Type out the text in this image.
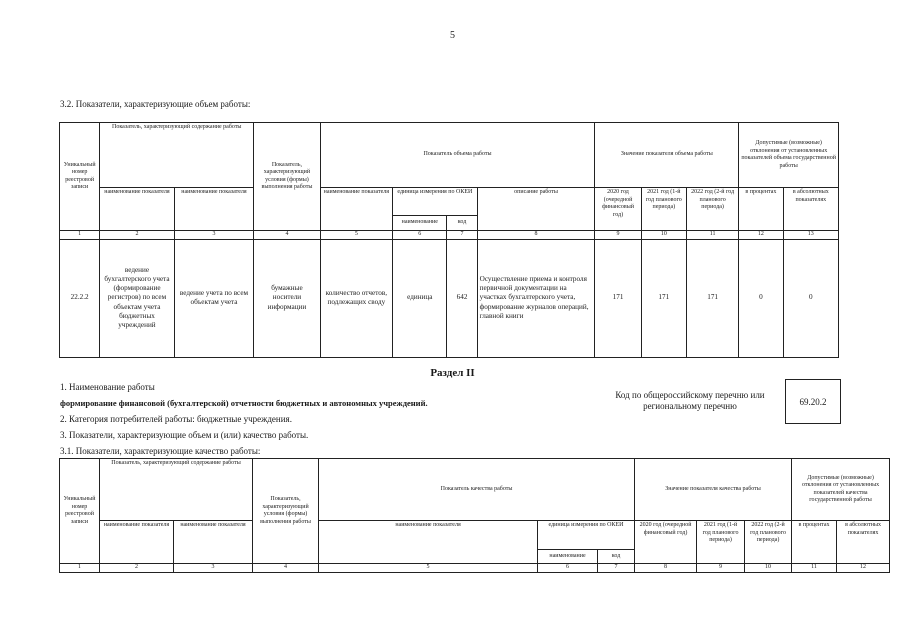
5
3.2. Показатели, характеризующие объем работы:
Уникальный номер реестровой записи	Показатель, характеризующий содержание работы		Показатель, характеризующий условия (формы) выполнения работы	Показатель объема работы				Значение показателя объема работы			Допустимые (возможные) отклонения от установленных показателей объема государственной работы	
	наименование показателя	наименование показателя		наименование показателя	единица измерения по ОКЕИ		описание работы	2020 год (очередной финансовый год)	2021 год (1-й год планового периода)	2022 год (2-й год планового периода)	в процентах	в абсолютных показателях
					наименование	код						
1	2	3	4	5	6	7	8	9	10	11	12	13
22.2.2	ведение бухгалтерского учета (формирование регистров) по всем объектам учета бюджетных учреждений	ведение учета по всем объектам учета	бумажные носители информации	количество отчетов, подлежащих своду	единица	642	Осуществление приема и контроля первичной документации на участках бухгалтерского учета, формирование журналов операций, главной книги	171	171	171	0	0
Раздел II
1. Наименование работы
формирование финансовой (бухгалтерской) отчетности бюджетных и автономных учреждений.
Код по общероссийскому перечню или региональному перечню	69.20.2
2. Категория потребителей работы: бюджетные учреждения.
3. Показатели, характеризующие объем и (или) качество работы.
3.1. Показатели, характеризующие качество работы:
Уникальный номер реестровой записи	Показатель, характеризующий содержание работы		Показатель, характеризующий условия (формы) выполнения работы	Показатель качества работы			Значение показателя качества работы			Допустимые (возможные) отклонения от установленных показателей качества государственной работы	
	наименование показателя	наименование показателя		наименование показателя	единица измерения по ОКЕИ		2020 год (очередной финансовый год)	2021 год (1-й год планового периода)	2022 год (2-й год планового периода)	в процентах	в абсолютных показателях
					наименование	код					
1	2	3	4	5	6	7	8	9	10	11	12
